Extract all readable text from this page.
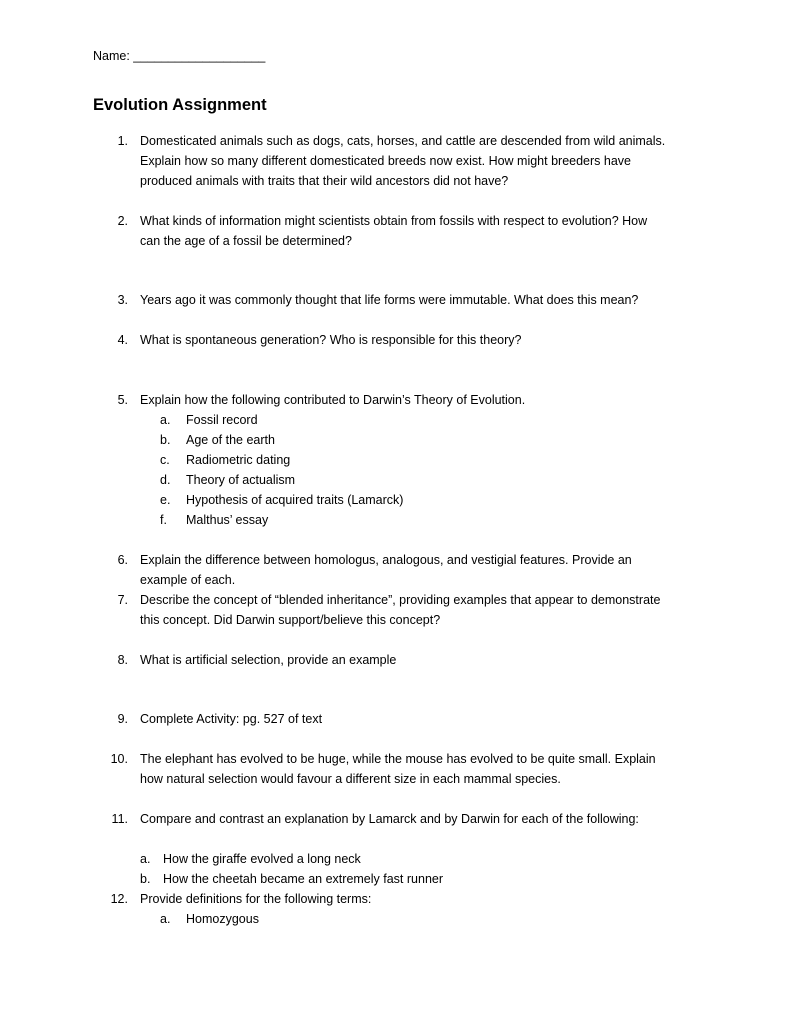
Name: ___________________
Evolution Assignment
1. Domesticated animals such as dogs, cats, horses, and cattle are descended from wild animals.
Explain how so many different domesticated breeds now exist. How might breeders have
produced animals with traits that their wild ancestors did not have?
2. What kinds of information might scientists obtain from fossils with respect to evolution? How
can the age of a fossil be determined?
3. Years ago it was commonly thought that life forms were immutable. What does this mean?
4. What is spontaneous generation? Who is responsible for this theory?
5. Explain how the following contributed to Darwin’s Theory of Evolution.
a.	Fossil record
b.	Age of the earth
c.	Radiometric dating
d.	Theory of actualism
e.	Hypothesis of acquired traits (Lamarck)
f.	Malthus’ essay
6. Explain the difference between homologus, analogous, and vestigial features. Provide an
example of each.
7. Describe the concept of “blended inheritance”, providing examples that appear to demonstrate
this concept. Did Darwin support/believe this concept?
8. What is artificial selection, provide an example
9. Complete Activity: pg. 527 of text
10. The elephant has evolved to be huge, while the mouse has evolved to be quite small. Explain
how natural selection would favour a different size in each mammal species.
11. Compare and contrast an explanation by Lamarck and by Darwin for each of the following:
a.	How the giraffe evolved a long neck
b.	How the cheetah became an extremely fast runner
12. Provide definitions for the following terms:
a.	Homozygous
